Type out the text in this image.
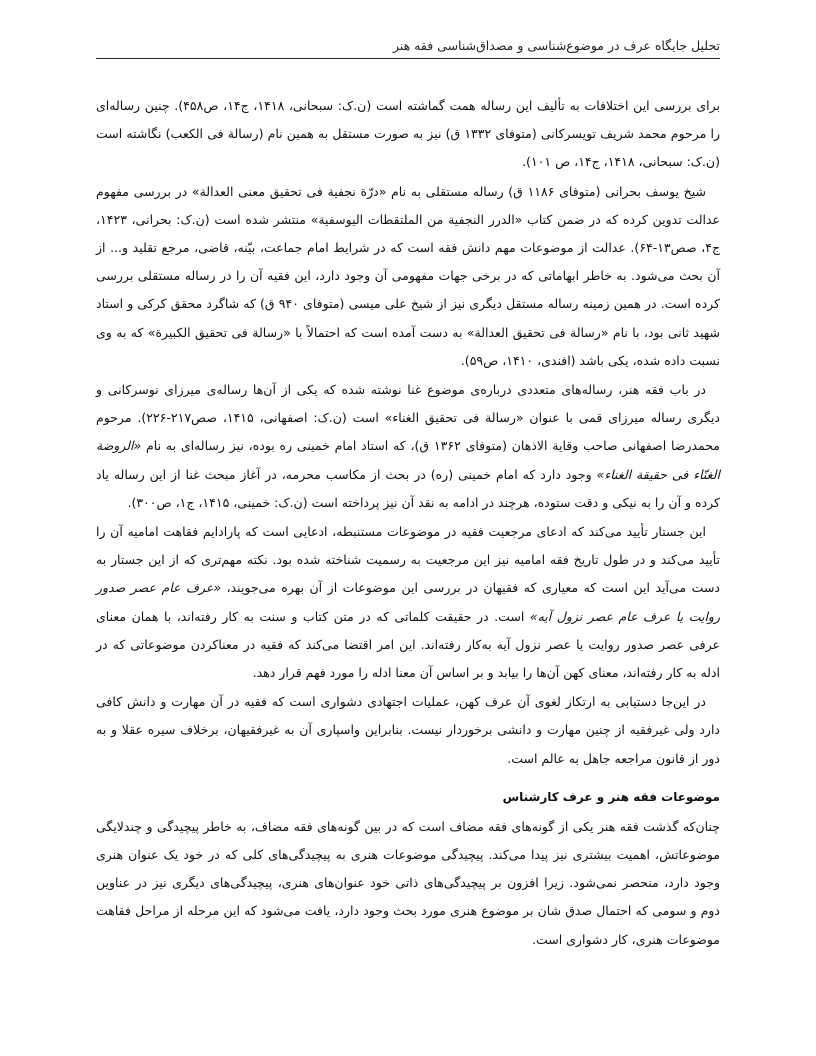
تحلیل جایگاه عرف در موضوع‌شناسی و مصداق‌شناسی فقه هنر

برای بررسی این اختلافات به تألیف این رساله همت گماشته است (ن.ک: سبحانی، ۱۴۱۸، ج۱۴، ص۴۵۸). چنین رساله‌ای را مرحوم محمد شریف تویسرکانی (متوفای ۱۳۳۲ ق) نیز به صورت مستقل به همین نام (رسالة فی الکعب) نگاشته است (ن.ک: سبحانی، ۱۴۱۸، ج۱۴، ص ۱۰۱).

شیخ یوسف بحرانی (متوفای ۱۱۸۶ ق) رساله مستقلی به نام «درّة نجفیة فی تحقیق معنی العدالة» در بررسی مفهوم عدالت تدوین کرده که در ضمن کتاب «الدرر النجفیة من الملتقطات الیوسفیة» منتشر شده است (ن.ک: بحرانی، ۱۴۲۳، ج۴، صص۱۳-۶۴). عدالت از موضوعات مهم دانش فقه است که در شرایط امام جماعت، بیّنه، قاضی، مرجع تقلید و... از آن بحث می‌شود. به خاطر ابهاماتی که در برخی جهات مفهومی آن وجود دارد، این فقیه آن را در رساله مستقلی بررسی کرده است. در همین زمینه رساله مستقل دیگری نیز از شیخ علی میسی (متوفای ۹۴۰ ق) که شاگرد محقق کرکی و استاد شهید ثانی بود، با نام «رسالة فی تحقیق العدالة» به دست آمده است که احتمالاً با «رسالة فی تحقیق الکبیرة» که به وی نسبت داده شده، یکی باشد (افندی، ۱۴۱۰، ص۵۹).

در باب فقه هنر، رساله‌های متعددی درباره‌ی موضوع غنا نوشته شده که یکی از آن‌ها رساله‌ی میرزای نوسرکانی و دیگری رساله میرزای قمی با عنوان «رسالة فی تحقیق الغناء» است (ن.ک: اصفهانی، ۱۴۱۵، صص۲۱۷-۲۲۶). مرحوم محمدرضا اصفهانی صاحب وقایة الاذهان (متوفای ۱۳۶۲ ق)، که استاد امام خمینی ره بوده، نیز رساله‌ای به نام «الروضة الغنّاء فی حقیقة الغناء» وجود دارد که امام خمینی (ره) در بحث از مکاسب محرمه، در آغاز مبحث غنا از این رساله یاد کرده و آن را به نیکی و دقت ستوده، هرچند در ادامه به نقد آن نیز پرداخته است (ن.ک: خمینی، ۱۴۱۵، ج۱، ص۳۰۰).

این جستار تأیید می‌کند که ادعای مرجعیت فقیه در موضوعات مستنبطه، ادعایی است که پارادایم فقاهت امامیه آن را تأیید می‌کند و در طول تاریخ فقه امامیه نیز این مرجعیت به رسمیت شناخته شده بود. نکته مهم‌تری که از این جستار به دست می‌آید این است که معیاری که فقیهان در بررسی این موضوعات از آن بهره می‌جویند، «عرف عام عصر صدور روایت یا عرف عام عصر نزول آیه» است. در حقیقت کلماتی که در متن کتاب و سنت به کار رفته‌اند، با همان معنای عرفی عصر صدور روایت یا عصر نزول آیه به‌کار رفته‌اند. این امر اقتضا می‌کند که فقیه در معناکردن موضوعاتی که در ادله به کار رفته‌اند، معنای کهن آن‌ها را بیابد و بر اساس آن معنا ادله را مورد فهم قرار دهد.

در این‌جا دستیابی به ارتکاز لغوی آن عرف کهن، عملیات اجتهادی دشواری است که فقیه در آن مهارت و دانش کافی دارد ولی غیرفقیه از چنین مهارت و دانشی برخوردار نیست. بنابراین واسپاری آن به غیرفقیهان، برخلاف سیره عقلا و به دور از قانون مراجعه جاهل به عالم است.

موضوعات فقه هنر و عرف کارشناس

چنان‌که گذشت فقه هنر یکی از گونه‌های فقه مضاف است که در بین گونه‌های فقه مضاف، به خاطر پیچیدگی و چندلایگی موضوعاتش، اهمیت بیشتری نیز پیدا می‌کند. پیچیدگی موضوعات هنری به پیچیدگی‌های کلی که در خود یک عنوان هنری وجود دارد، منحصر نمی‌شود. زیرا افزون بر پیچیدگی‌های ذاتی خود عنوان‌های هنری، پیچیدگی‌های دیگری نیز در عناوین دوم و سومی که احتمال صدق شان بر موضوع هنری مورد بحث وجود دارد، یافت می‌شود که این مرحله از مراحل فقاهت موضوعات هنری، کار دشواری است.
